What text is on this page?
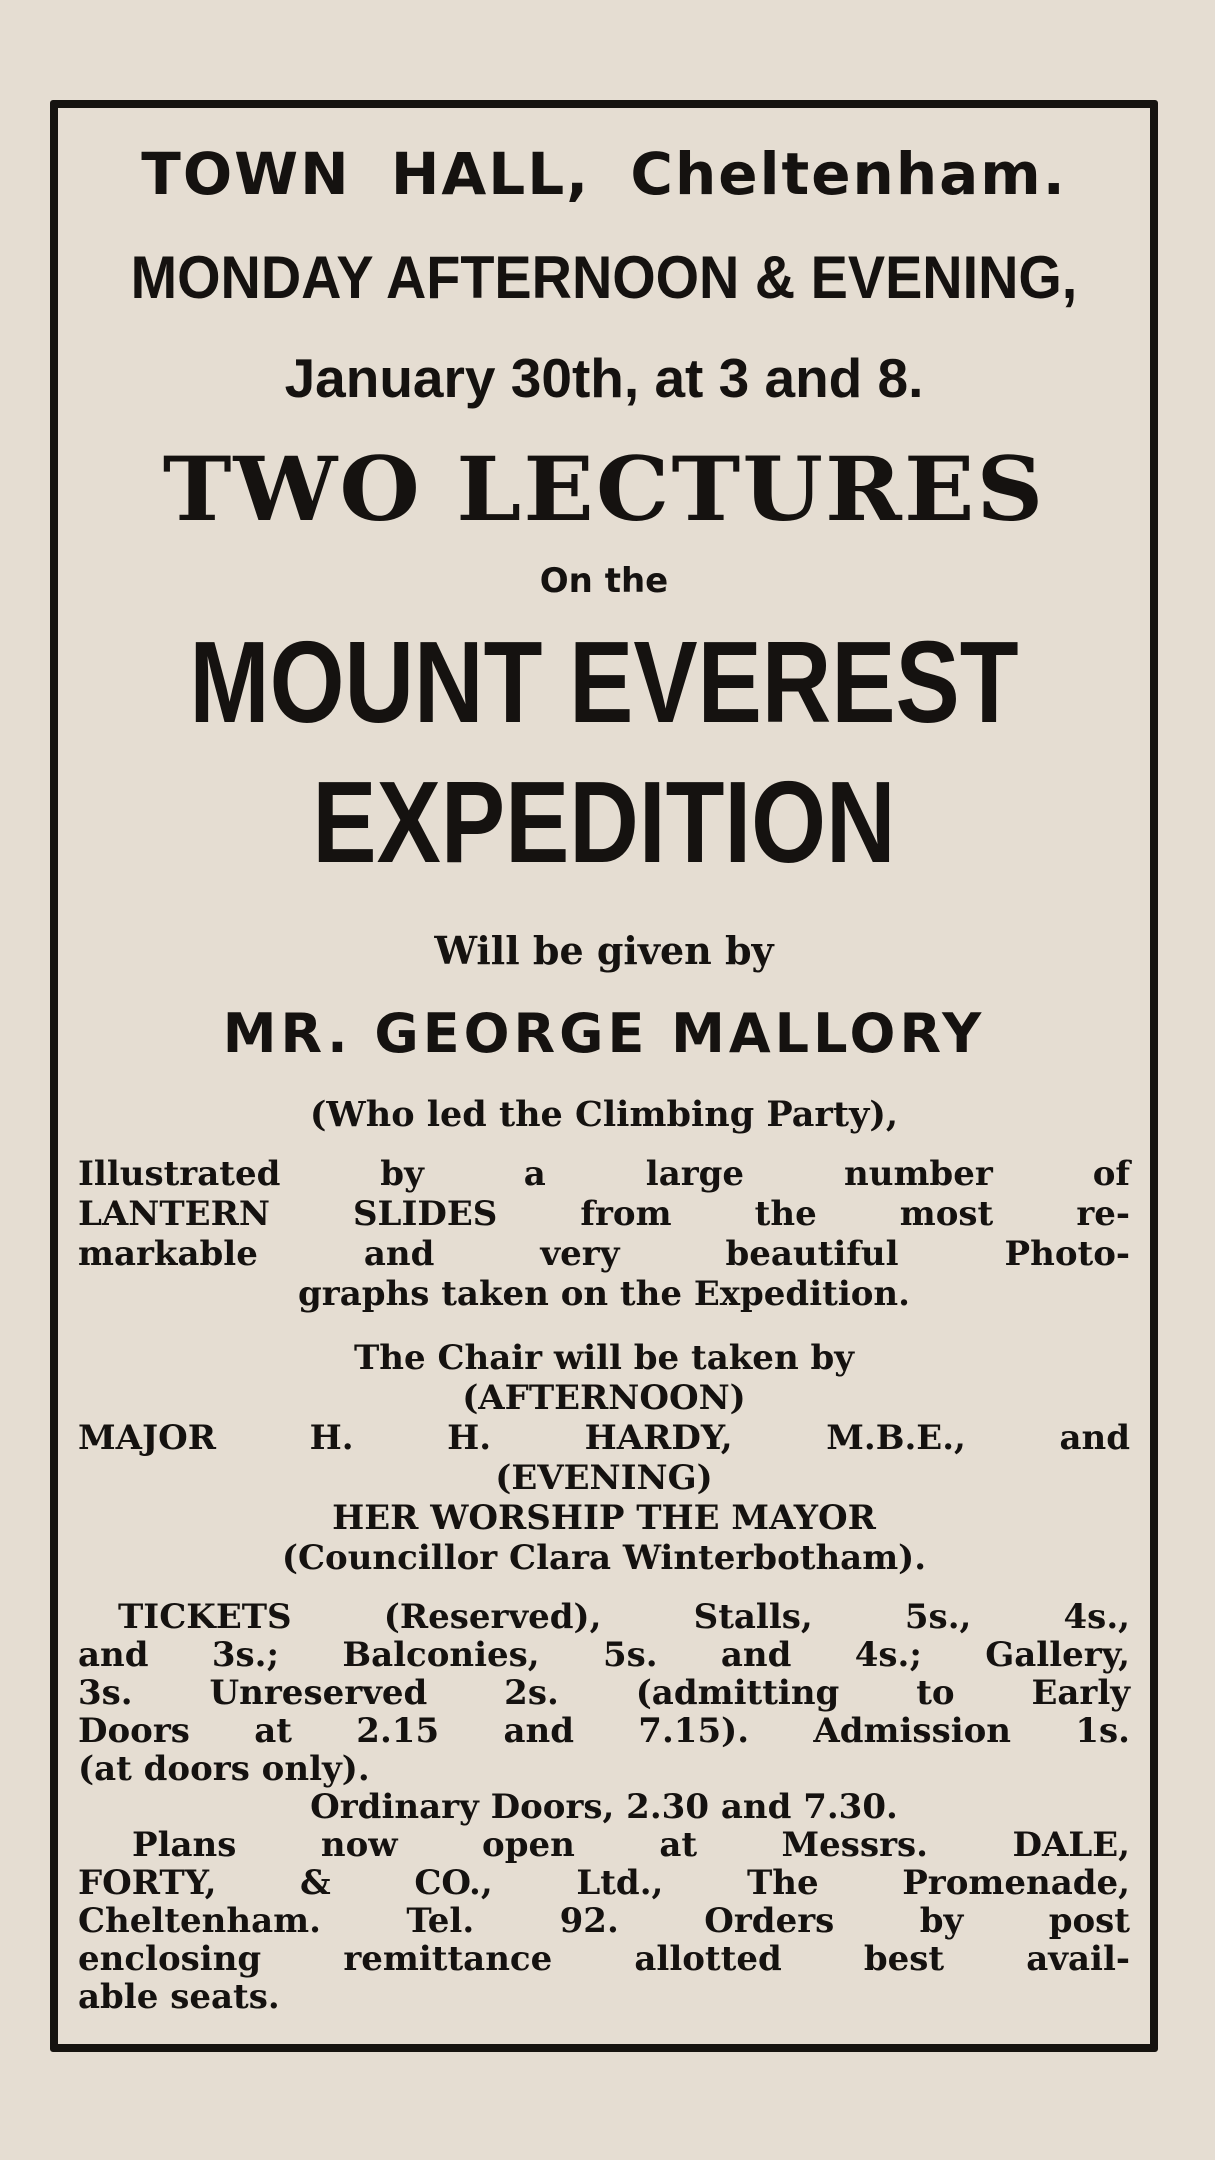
TOWN HALL, Cheltenham.
MONDAY AFTERNOON & EVENING,
January 30th, at 3 and 8.
TWO LECTURES
On the
MOUNT EVEREST
EXPEDITION
Will be given by
MR. GEORGE MALLORY
(Who led the Climbing Party),
Illustrated by a large number of
LANTERN SLIDES from the most re-
markable and very beautiful Photo-
graphs taken on the Expedition.
The Chair will be taken by
(AFTERNOON)
MAJOR H. H. HARDY, M.B.E., and
(EVENING)
HER WORSHIP THE MAYOR
(Councillor Clara Winterbotham).
TICKETS (Reserved), Stalls, 5s., 4s.,
and 3s.; Balconies, 5s. and 4s.; Gallery,
3s. Unreserved 2s. (admitting to Early
Doors at 2.15 and 7.15). Admission 1s.
(at doors only).
Ordinary Doors, 2.30 and 7.30.
Plans now open at Messrs. DALE,
FORTY, & CO., Ltd., The Promenade,
Cheltenham. Tel. 92. Orders by post
enclosing remittance allotted best avail-
able seats.
